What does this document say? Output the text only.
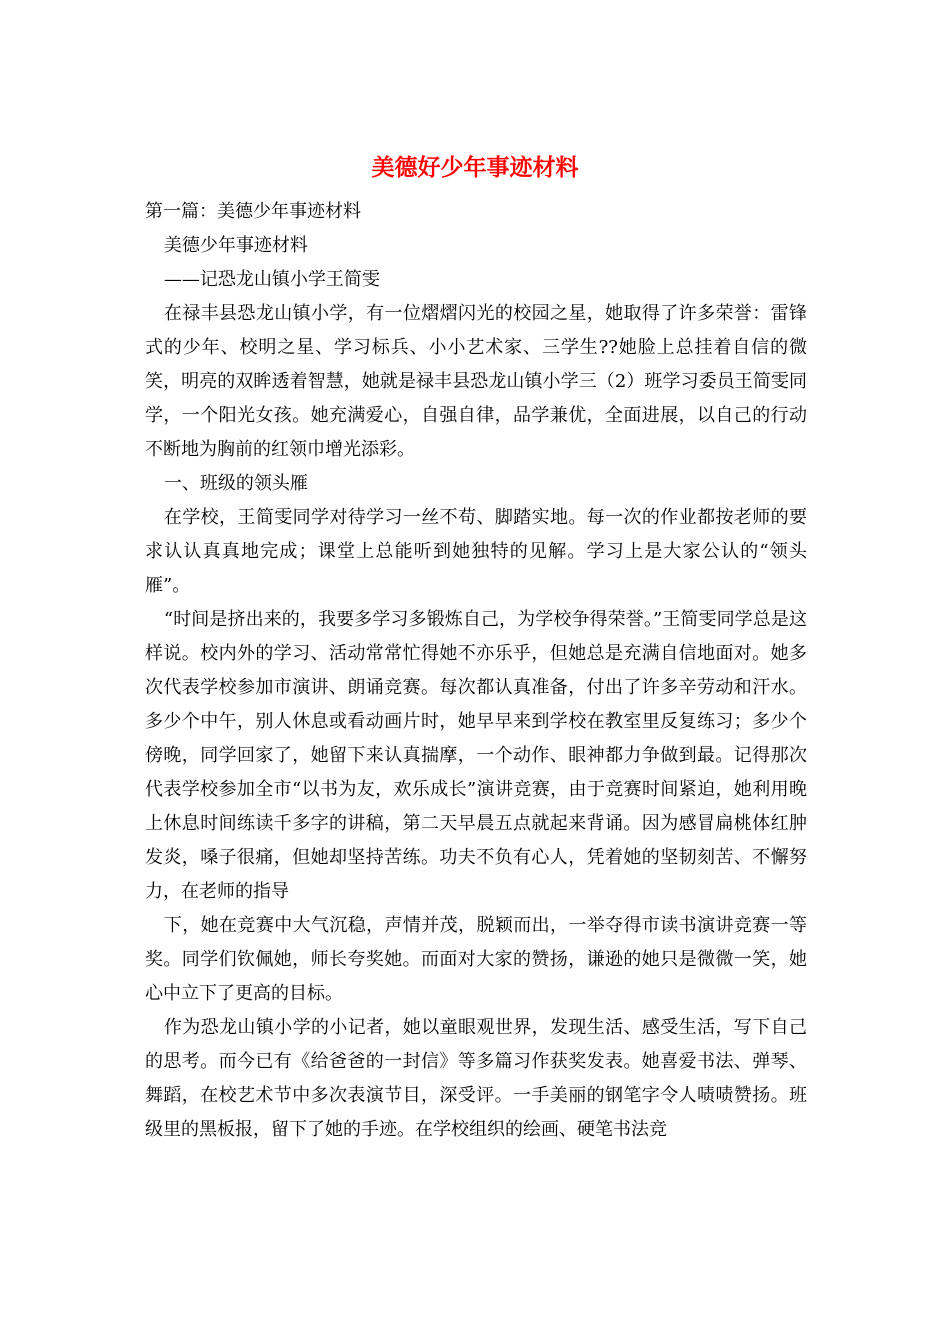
美德好少年事迹材料

第一篇：美德少年事迹材料

美德少年事迹材料

——记恐龙山镇小学王简雯

在禄丰县恐龙山镇小学，有一位熠熠闪光的校园之星，她取得了许多荣誉：雷锋式的少年、校明之星、学习标兵、小小艺术家、三学生??她脸上总挂着自信的微笑，明亮的双眸透着智慧，她就是禄丰县恐龙山镇小学三（2）班学习委员王简雯同学，一个阳光女孩。她充满爱心，自强自律，品学兼优，全面进展，以自己的行动不断地为胸前的红领巾增光添彩。

一、班级的领头雁

在学校，王简雯同学对待学习一丝不苟、脚踏实地。每一次的作业都按老师的要求认认真真地完成；课堂上总能听到她独特的见解。学习上是大家公认的“领头雁”。

“时间是挤出来的，我要多学习多锻炼自己，为学校争得荣誉。”王简雯同学总是这样说。校内外的学习、活动常常忙得她不亦乐乎，但她总是充满自信地面对。她多次代表学校参加市演讲、朗诵竞赛。每次都认真准备，付出了许多辛劳动和汗水。多少个中午，别人休息或看动画片时，她早早来到学校在教室里反复练习；多少个傍晚，同学回家了，她留下来认真揣摩，一个动作、眼神都力争做到最。记得那次代表学校参加全市“以书为友，欢乐成长”演讲竞赛，由于竞赛时间紧迫，她利用晚上休息时间练读千多字的讲稿，第二天早晨五点就起来背诵。因为感冒扁桃体红肿发炎，嗓子很痛，但她却坚持苦练。功夫不负有心人，凭着她的坚韧刻苦、不懈努力，在老师的指导

下，她在竞赛中大气沉稳，声情并茂，脱颖而出，一举夺得市读书演讲竞赛一等奖。同学们钦佩她，师长夸奖她。而面对大家的赞扬，谦逊的她只是微微一笑，她心中立下了更高的目标。

作为恐龙山镇小学的小记者，她以童眼观世界，发现生活、感受生活，写下自己的思考。而今已有《给爸爸的一封信》等多篇习作获奖发表。她喜爱书法、弹琴、舞蹈，在校艺术节中多次表演节目，深受评。一手美丽的钢笔字令人啧啧赞扬。班级里的黑板报，留下了她的手迹。在学校组织的绘画、硬笔书法竞
